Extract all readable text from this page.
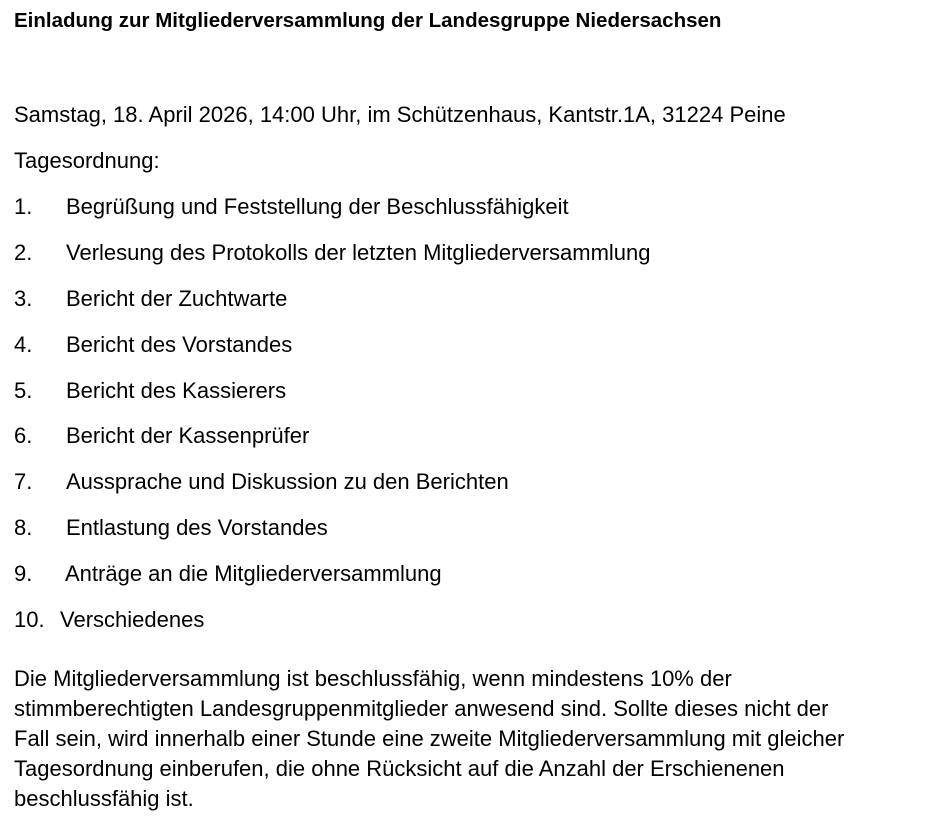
Einladung zur Mitgliederversammlung der Landesgruppe Niedersachsen
Samstag, 18. April 2026, 14:00 Uhr, im Schützenhaus, Kantstr.1A, 31224 Peine
Tagesordnung:
1. Begrüßung und Feststellung der Beschlussfähigkeit
2. Verlesung des Protokolls der letzten Mitgliederversammlung
3. Bericht der Zuchtwarte
4. Bericht des Vorstandes
5. Bericht des Kassierers
6. Bericht der Kassenprüfer
7. Aussprache und Diskussion zu den Berichten
8. Entlastung des Vorstandes
9. Anträge an die Mitgliederversammlung
10. Verschiedenes

Die Mitgliederversammlung ist beschlussfähig, wenn mindestens 10% der
stimmberechtigten Landesgruppenmitglieder anwesend sind. Sollte dieses nicht der
Fall sein, wird innerhalb einer Stunde eine zweite Mitgliederversammlung mit gleicher
Tagesordnung einberufen, die ohne Rücksicht auf die Anzahl der Erschienenen
beschlussfähig ist.
